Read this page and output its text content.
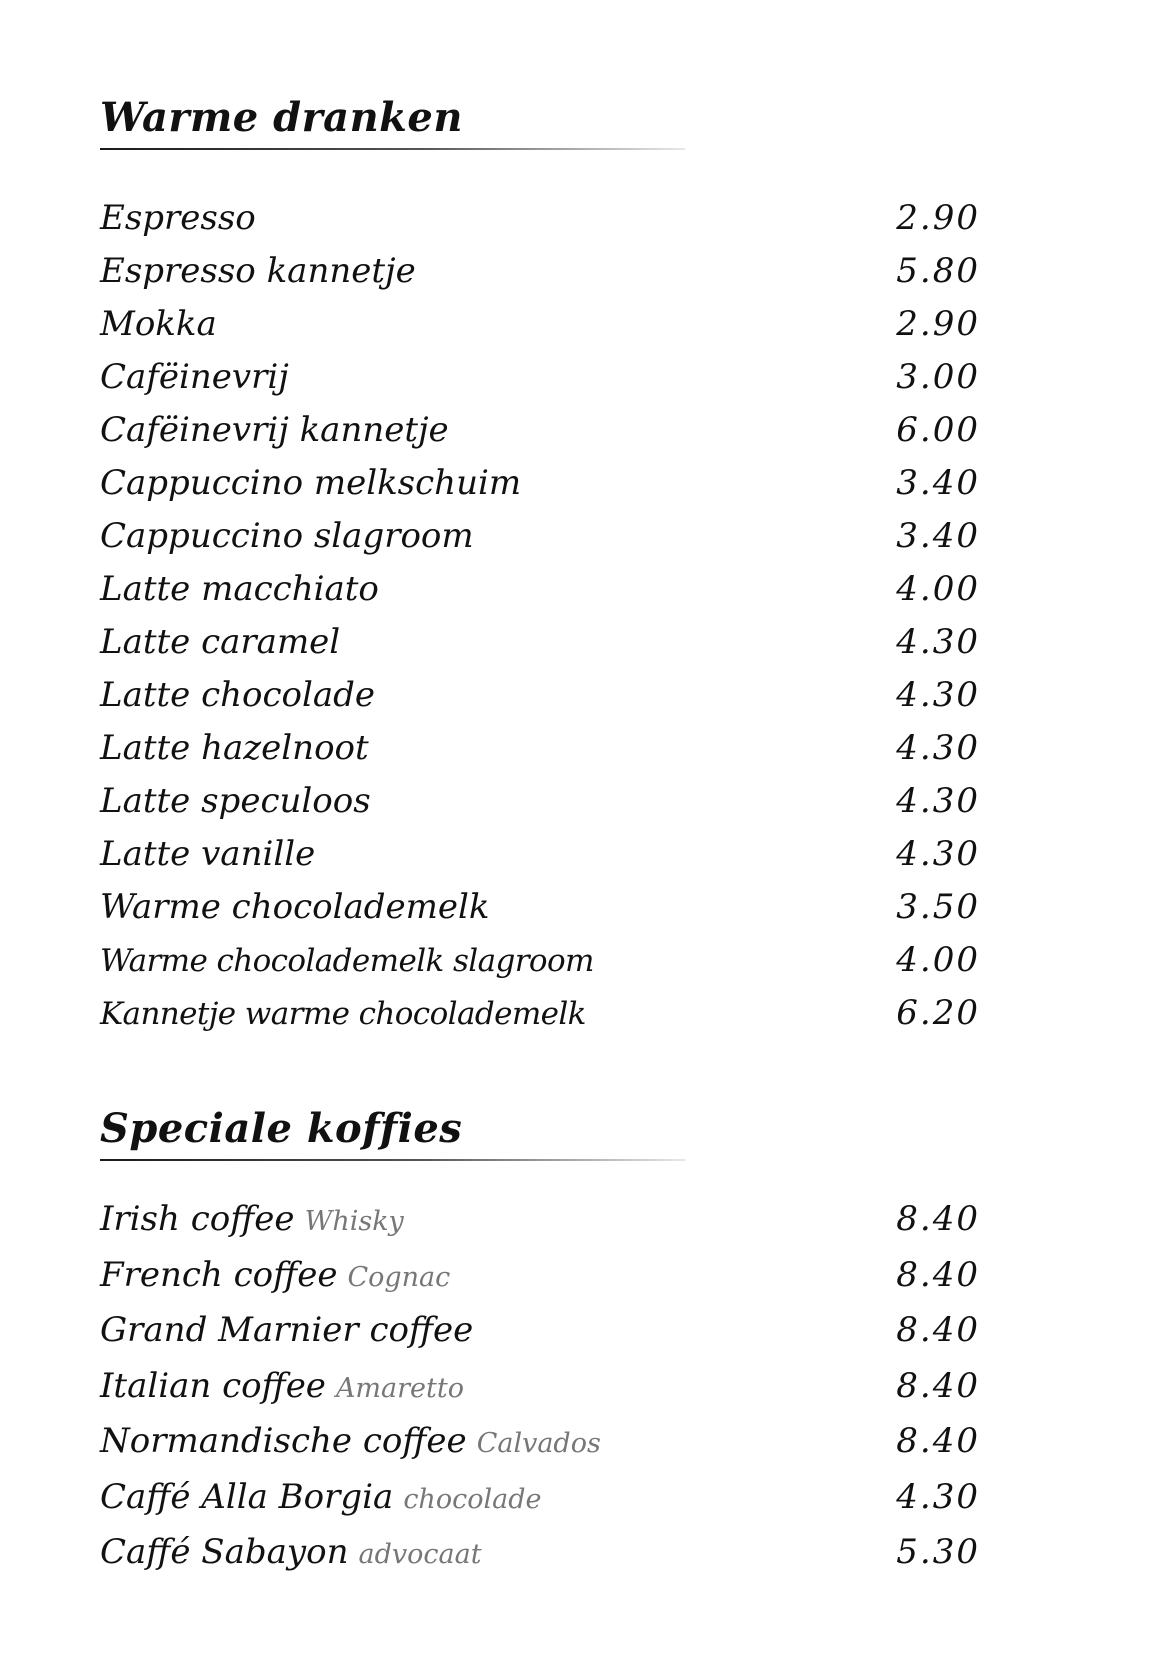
Warme dranken
Espresso	2.90
Espresso kannetje	5.80
Mokka	2.90
Cafëinevrij	3.00
Cafëinevrij kannetje	6.00
Cappuccino melkschuim	3.40
Cappuccino slagroom	3.40
Latte macchiato	4.00
Latte caramel	4.30
Latte chocolade	4.30
Latte hazelnoot	4.30
Latte speculoos	4.30
Latte vanille	4.30
Warme chocolademelk	3.50
Warme chocolademelk slagroom	4.00
Kannetje warme chocolademelk	6.20
Speciale koffies
Irish coffee Whisky	8.40
French coffee Cognac	8.40
Grand Marnier coffee	8.40
Italian coffee Amaretto	8.40
Normandische coffee Calvados	8.40
Caffé Alla Borgia chocolade	4.30
Caffé Sabayon advocaat	5.30
